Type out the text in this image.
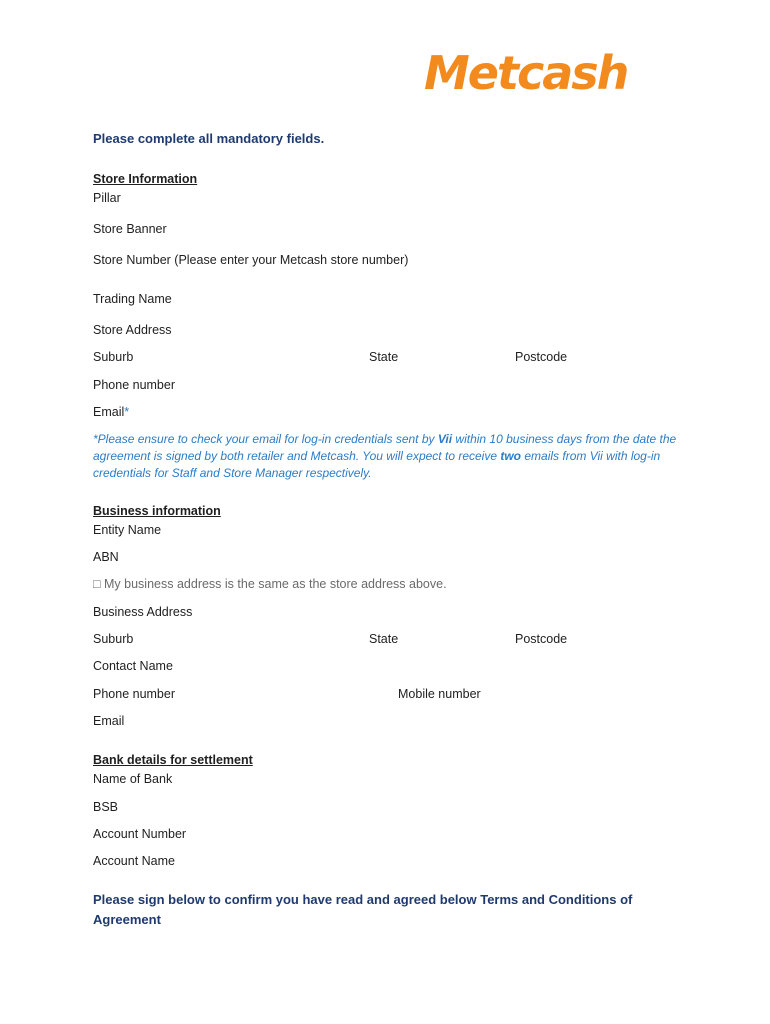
Metcash
Please complete all mandatory fields.
Store Information
Pillar
Store Banner
Store Number (Please enter your Metcash store number)
Trading Name
Store Address
Suburb	State	Postcode
Phone number
Email*
*Please ensure to check your email for log-in credentials sent by Vii within 10 business days from the date the agreement is signed by both retailer and Metcash. You will expect to receive two emails from Vii with log-in credentials for Staff and Store Manager respectively.
Business information
Entity Name
ABN
□ My business address is the same as the store address above.
Business Address
Suburb	State	Postcode
Contact Name
Phone number	Mobile number
Email
Bank details for settlement
Name of Bank
BSB
Account Number
Account Name
Please sign below to confirm you have read and agreed below Terms and Conditions of Agreement
